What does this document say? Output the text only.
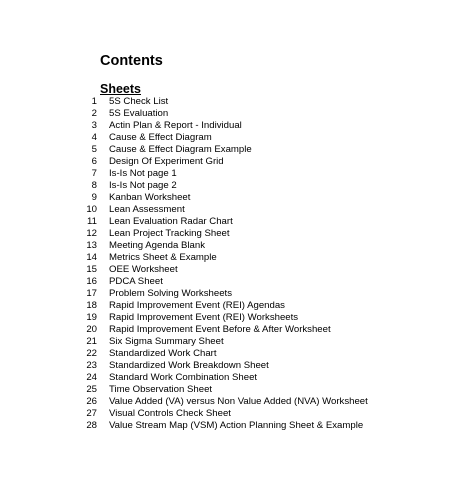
Contents
Sheets
1 5S Check List
2 5S Evaluation
3 Actin Plan & Report - Individual
4 Cause & Effect Diagram
5 Cause & Effect Diagram Example
6 Design Of Experiment Grid
7 Is-Is Not page 1
8 Is-Is Not page 2
9 Kanban Worksheet
10 Lean Assessment
11 Lean Evaluation Radar Chart
12 Lean Project Tracking Sheet
13 Meeting Agenda Blank
14 Metrics Sheet & Example
15 OEE Worksheet
16 PDCA Sheet
17 Problem Solving Worksheets
18 Rapid Improvement Event (REI) Agendas
19 Rapid Improvement Event (REI) Worksheets
20 Rapid Improvement Event Before & After Worksheet
21 Six Sigma Summary Sheet
22 Standardized Work Chart
23 Standardized Work Breakdown Sheet
24 Standard Work Combination Sheet
25 Time Observation Sheet
26 Value Added (VA) versus Non Value Added (NVA) Worksheet
27 Visual Controls Check Sheet
28 Value Stream Map (VSM) Action Planning Sheet & Example
